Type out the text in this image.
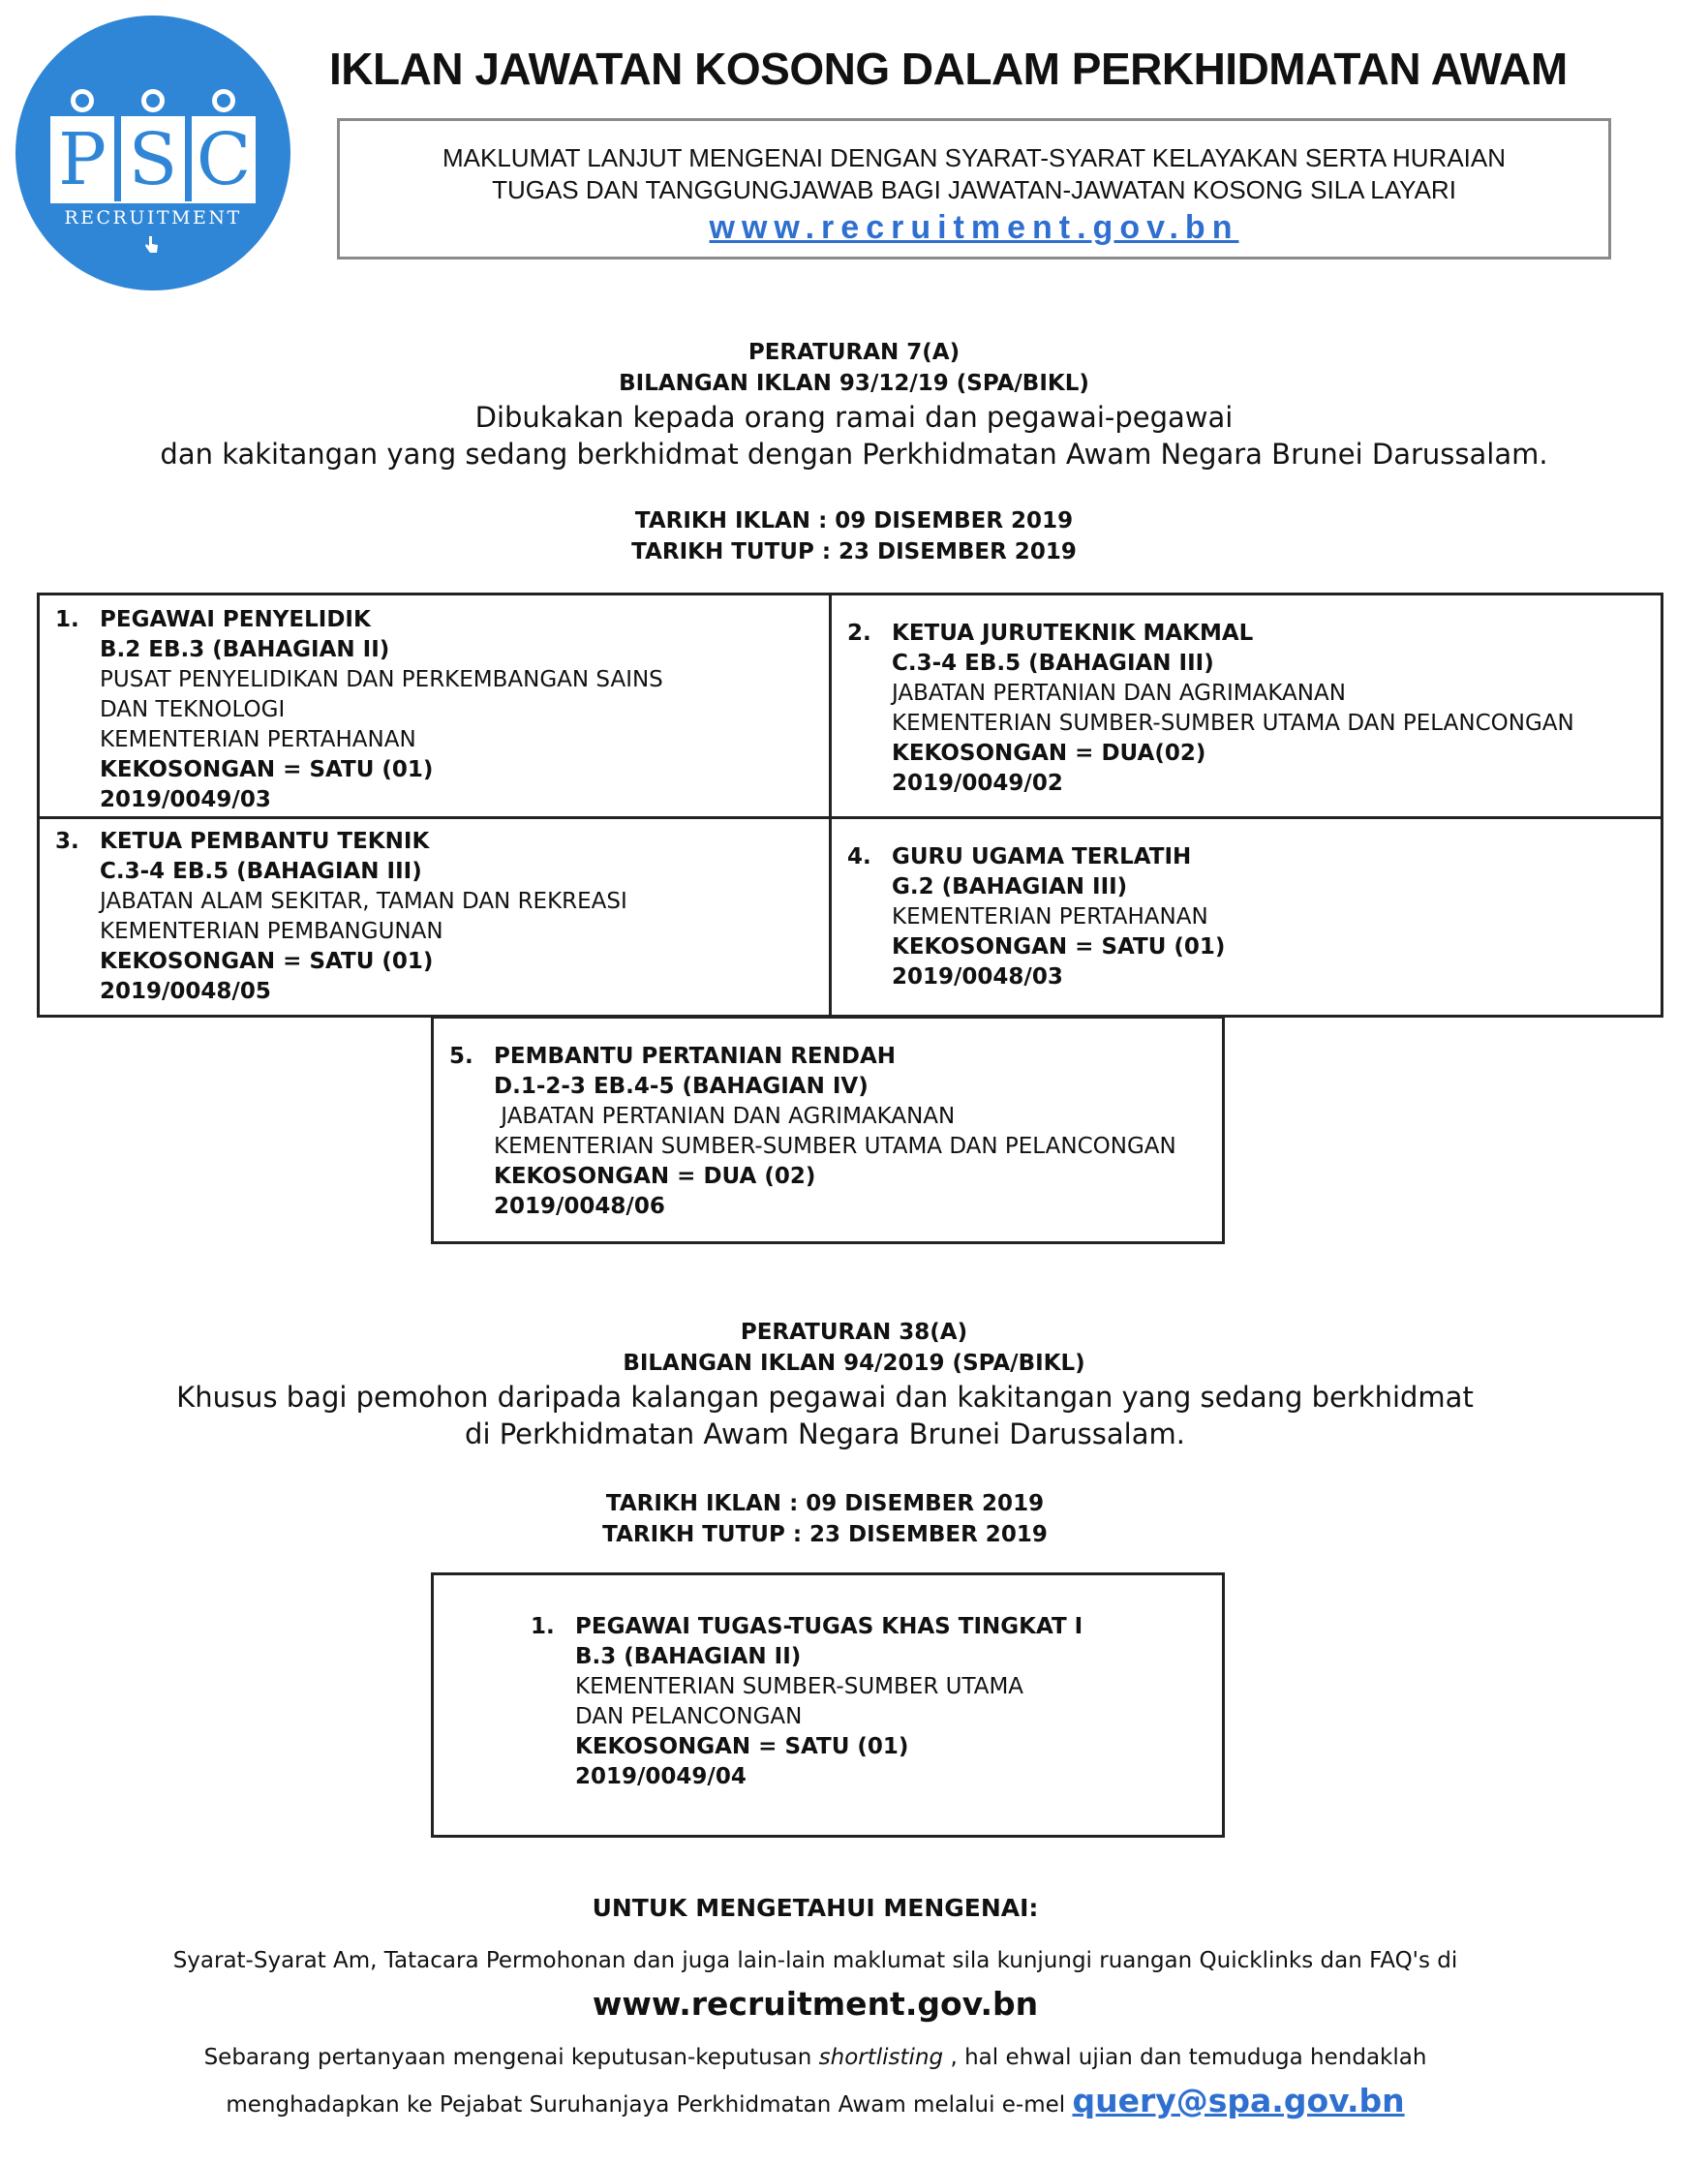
P S C
RECRUITMENT
IKLAN JAWATAN KOSONG DALAM PERKHIDMATAN AWAM
MAKLUMAT LANJUT MENGENAI DENGAN SYARAT-SYARAT KELAYAKAN SERTA HURAIAN
TUGAS DAN TANGGUNGJAWAB BAGI JAWATAN-JAWATAN KOSONG SILA LAYARI
www.recruitment.gov.bn
PERATURAN 7(A)
BILANGAN IKLAN 93/12/19 (SPA/BIKL)
Dibukakan kepada orang ramai dan pegawai-pegawai
dan kakitangan yang sedang berkhidmat dengan Perkhidmatan Awam Negara Brunei Darussalam.
TARIKH IKLAN : 09 DISEMBER 2019
TARIKH TUTUP : 23 DISEMBER 2019
1. PEGAWAI PENYELIDIK
B.2 EB.3 (BAHAGIAN II)
PUSAT PENYELIDIKAN DAN PERKEMBANGAN SAINS
DAN TEKNOLOGI
KEMENTERIAN PERTAHANAN
KEKOSONGAN = SATU (01)
2019/0049/03
2. KETUA JURUTEKNIK MAKMAL
C.3-4 EB.5 (BAHAGIAN III)
JABATAN PERTANIAN DAN AGRIMAKANAN
KEMENTERIAN SUMBER-SUMBER UTAMA DAN PELANCONGAN
KEKOSONGAN = DUA(02)
2019/0049/02
3. KETUA PEMBANTU TEKNIK
C.3-4 EB.5 (BAHAGIAN III)
JABATAN ALAM SEKITAR, TAMAN DAN REKREASI
KEMENTERIAN PEMBANGUNAN
KEKOSONGAN = SATU (01)
2019/0048/05
4. GURU UGAMA TERLATIH
G.2 (BAHAGIAN III)
KEMENTERIAN PERTAHANAN
KEKOSONGAN = SATU (01)
2019/0048/03
5. PEMBANTU PERTANIAN RENDAH
D.1-2-3 EB.4-5 (BAHAGIAN IV)
JABATAN PERTANIAN DAN AGRIMAKANAN
KEMENTERIAN SUMBER-SUMBER UTAMA DAN PELANCONGAN
KEKOSONGAN = DUA (02)
2019/0048/06
PERATURAN 38(A)
BILANGAN IKLAN 94/2019 (SPA/BIKL)
Khusus bagi pemohon daripada kalangan pegawai dan kakitangan yang sedang berkhidmat
di Perkhidmatan Awam Negara Brunei Darussalam.
TARIKH IKLAN : 09 DISEMBER 2019
TARIKH TUTUP : 23 DISEMBER 2019
1. PEGAWAI TUGAS-TUGAS KHAS TINGKAT I
B.3 (BAHAGIAN II)
KEMENTERIAN SUMBER-SUMBER UTAMA
DAN PELANCONGAN
KEKOSONGAN = SATU (01)
2019/0049/04
UNTUK MENGETAHUI MENGENAI:
Syarat-Syarat Am, Tatacara Permohonan dan juga lain-lain maklumat sila kunjungi ruangan Quicklinks dan FAQ's di
www.recruitment.gov.bn
Sebarang pertanyaan mengenai keputusan-keputusan shortlisting , hal ehwal ujian dan temuduga hendaklah
menghadapkan ke Pejabat Suruhanjaya Perkhidmatan Awam melalui e-mel query@spa.gov.bn
